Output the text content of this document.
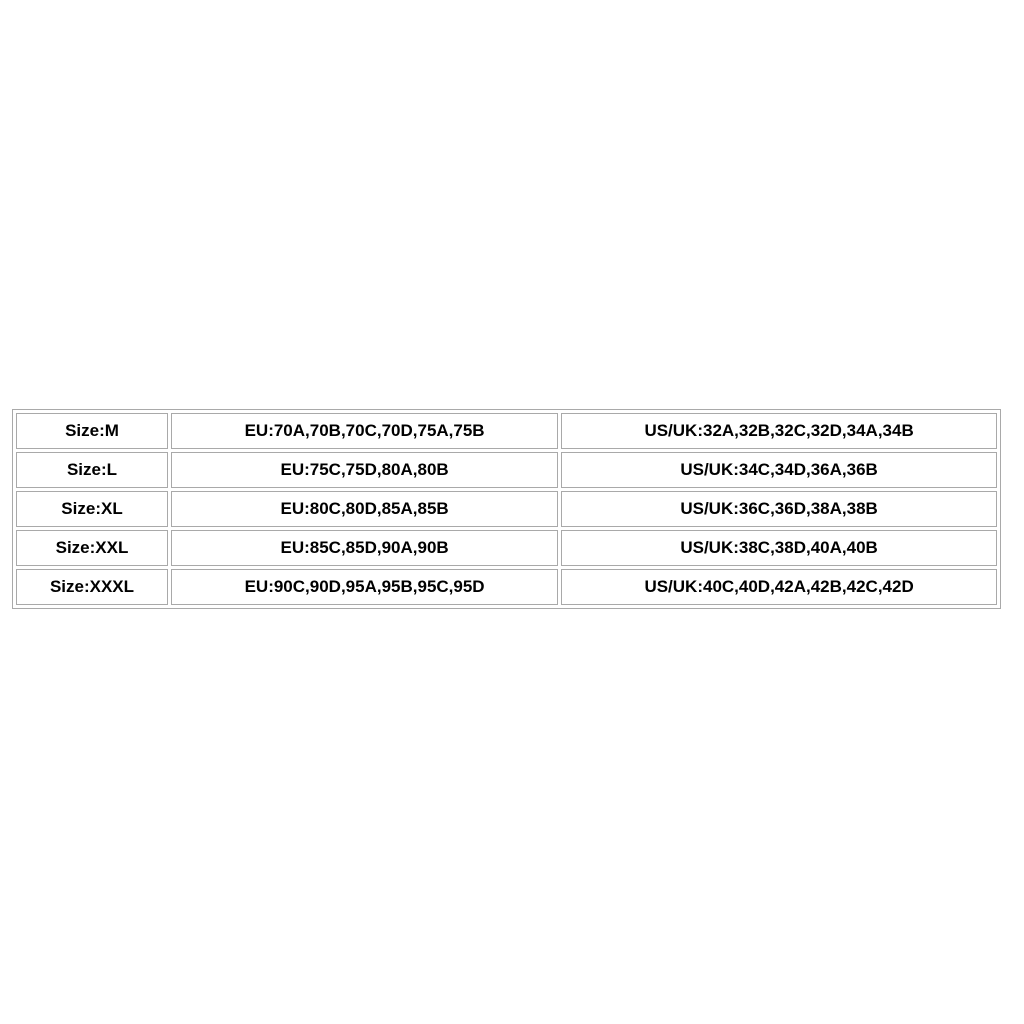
Size:M	EU:70A,70B,70C,70D,75A,75B	US/UK:32A,32B,32C,32D,34A,34B
Size:L	EU:75C,75D,80A,80B	US/UK:34C,34D,36A,36B
Size:XL	EU:80C,80D,85A,85B	US/UK:36C,36D,38A,38B
Size:XXL	EU:85C,85D,90A,90B	US/UK:38C,38D,40A,40B
Size:XXXL	EU:90C,90D,95A,95B,95C,95D	US/UK:40C,40D,42A,42B,42C,42D
